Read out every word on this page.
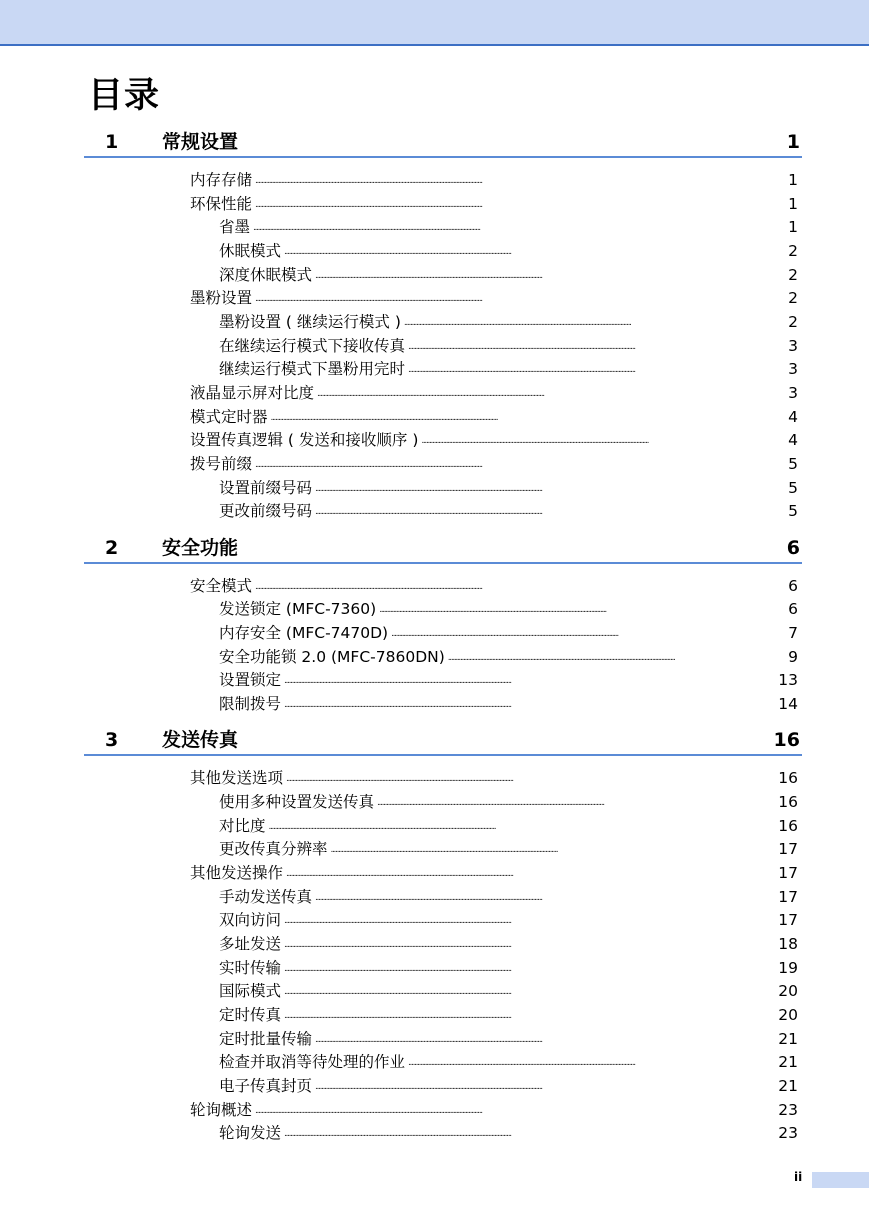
目录
1 常规设置	1
内存存储 . . .	1
环保性能 . . .	1
省墨 . . .	1
休眠模式 . . .	2
深度休眠模式 . . .	2
墨粉设置 . . .	2
墨粉设置 ( 继续运行模式 ) . . .	2
在继续运行模式下接收传真 . . .	3
继续运行模式下墨粉用完时 . . .	3
液晶显示屏对比度 . . .	3
模式定时器 . . .	4
设置传真逻辑 ( 发送和接收顺序 ) . . .	4
拨号前缀 . . .	5
设置前缀号码 . . .	5
更改前缀号码 . . .	5
2 安全功能	6
安全模式 . . .	6
发送锁定 (MFC-7360) . . .	6
内存安全 (MFC-7470D) . . .	7
安全功能锁 2.0 (MFC-7860DN) . . .	9
设置锁定 . . .	13
限制拨号 . . .	14
3 发送传真	16
其他发送选项 . . .	16
使用多种设置发送传真 . . .	16
对比度 . . .	16
更改传真分辨率 . . .	17
其他发送操作 . . .	17
手动发送传真 . . .	17
双向访问 . . .	17
多址发送 . . .	18
实时传输 . . .	19
国际模式 . . .	20
定时传真 . . .	20
定时批量传输 . . .	21
检查并取消等待处理的作业 . . .	21
电子传真封页 . . .	21
轮询概述 . . .	23
轮询发送 . . .	23
ii
